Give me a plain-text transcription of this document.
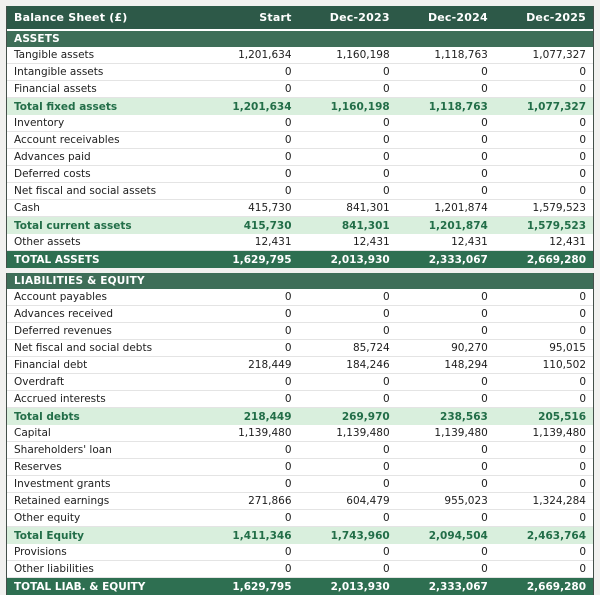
Balance Sheet (£)	Start	Dec-2023	Dec-2024	Dec-2025
ASSETS
Tangible assets	1,201,634	1,160,198	1,118,763	1,077,327
Intangible assets	0	0	0	0
Financial assets	0	0	0	0
Total fixed assets	1,201,634	1,160,198	1,118,763	1,077,327
Inventory	0	0	0	0
Account receivables	0	0	0	0
Advances paid	0	0	0	0
Deferred costs	0	0	0	0
Net fiscal and social assets	0	0	0	0
Cash	415,730	841,301	1,201,874	1,579,523
Total current assets	415,730	841,301	1,201,874	1,579,523
Other assets	12,431	12,431	12,431	12,431
TOTAL ASSETS	1,629,795	2,013,930	2,333,067	2,669,280
LIABILITIES & EQUITY
Account payables	0	0	0	0
Advances received	0	0	0	0
Deferred revenues	0	0	0	0
Net fiscal and social debts	0	85,724	90,270	95,015
Financial debt	218,449	184,246	148,294	110,502
Overdraft	0	0	0	0
Accrued interests	0	0	0	0
Total debts	218,449	269,970	238,563	205,516
Capital	1,139,480	1,139,480	1,139,480	1,139,480
Shareholders' loan	0	0	0	0
Reserves	0	0	0	0
Investment grants	0	0	0	0
Retained earnings	271,866	604,479	955,023	1,324,284
Other equity	0	0	0	0
Total Equity	1,411,346	1,743,960	2,094,504	2,463,764
Provisions	0	0	0	0
Other liabilities	0	0	0	0
TOTAL LIAB. & EQUITY	1,629,795	2,013,930	2,333,067	2,669,280
